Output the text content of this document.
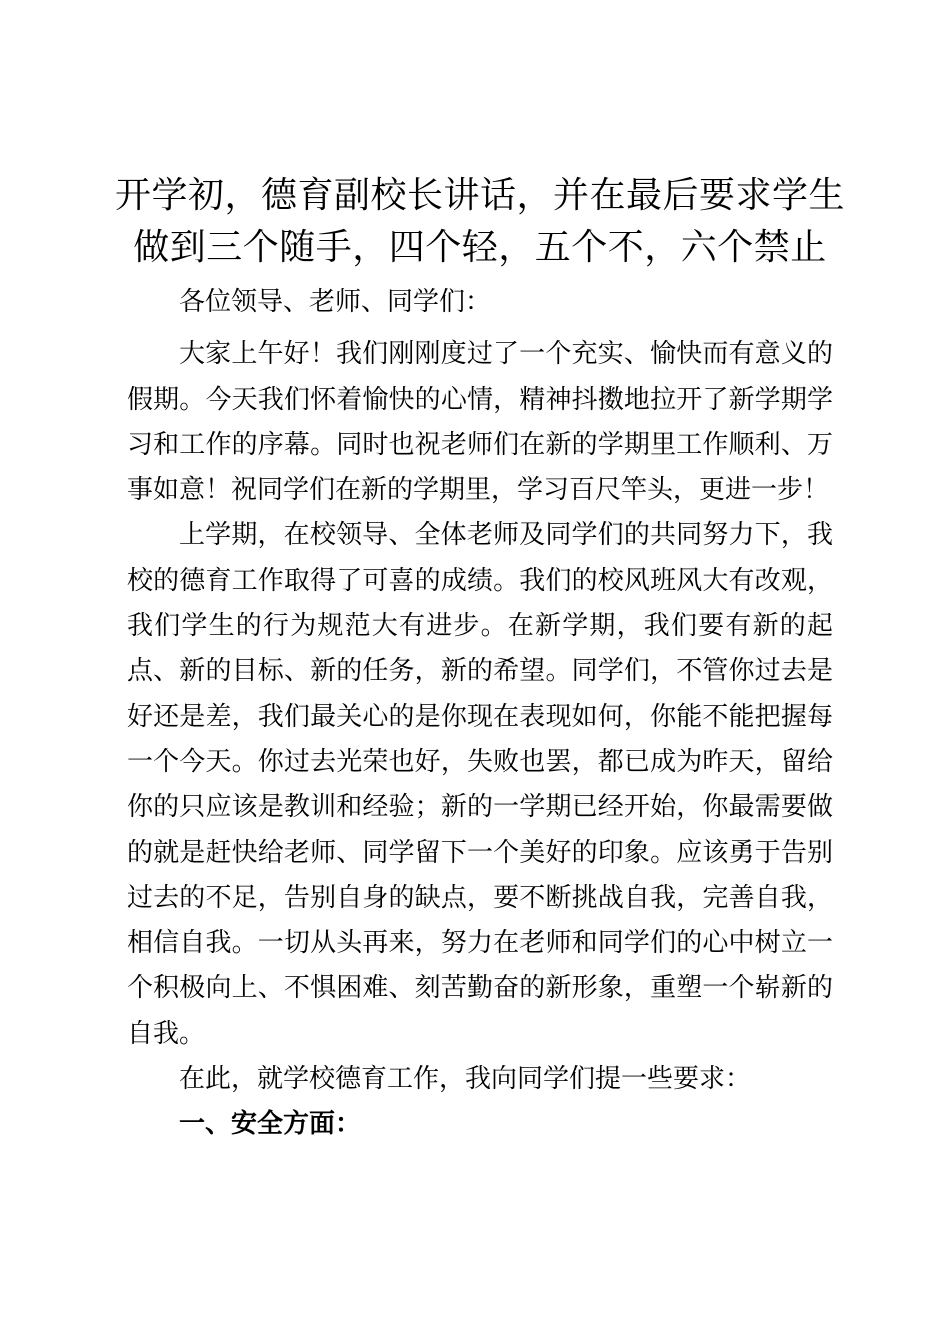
开学初，德育副校长讲话，并在最后要求学生
做到三个随手，四个轻，五个不，六个禁止

各位领导、老师、同学们：

大家上午好！我们刚刚度过了一个充实、愉快而有意义的假期。今天我们怀着愉快的心情，精神抖擞地拉开了新学期学习和工作的序幕。同时也祝老师们在新的学期里工作顺利、万事如意！祝同学们在新的学期里，学习百尺竿头，更进一步！

上学期，在校领导、全体老师及同学们的共同努力下，我校的德育工作取得了可喜的成绩。我们的校风班风大有改观，我们学生的行为规范大有进步。在新学期，我们要有新的起点、新的目标、新的任务，新的希望。同学们，不管你过去是好还是差，我们最关心的是你现在表现如何，你能不能把握每一个今天。你过去光荣也好，失败也罢，都已成为昨天，留给你的只应该是教训和经验；新的一学期已经开始，你最需要做的就是赶快给老师、同学留下一个美好的印象。应该勇于告别过去的不足，告别自身的缺点，要不断挑战自我，完善自我，相信自我。一切从头再来，努力在老师和同学们的心中树立一个积极向上、不惧困难、刻苦勤奋的新形象，重塑一个崭新的自我。

在此，就学校德育工作，我向同学们提一些要求：

一、安全方面：
